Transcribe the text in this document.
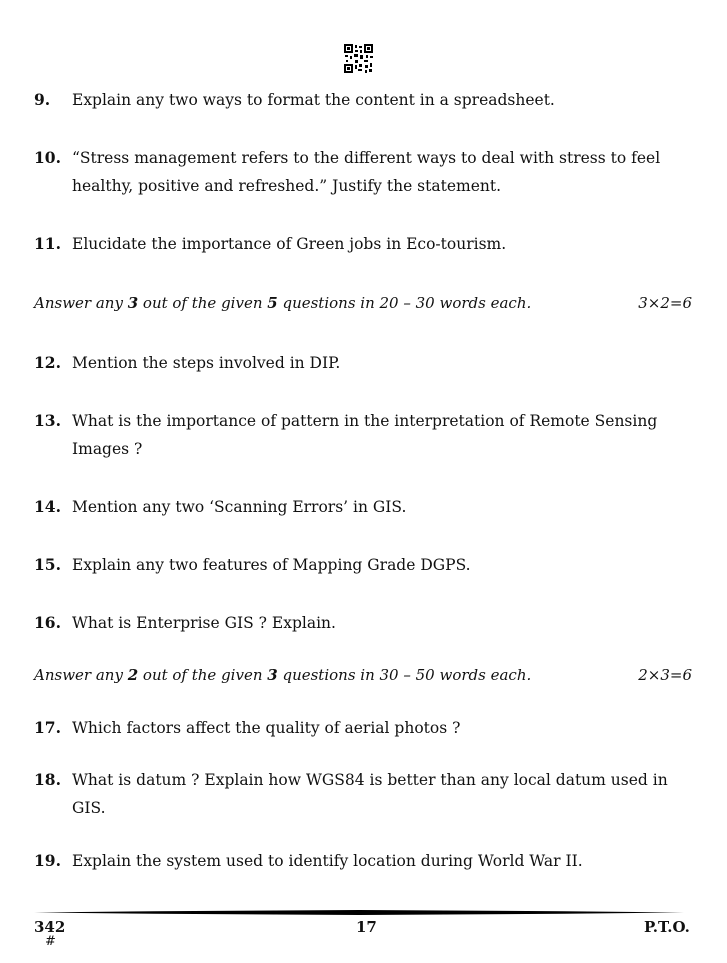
9. Explain any two ways to format the content in a spreadsheet.
10. “Stress management refers to the different ways to deal with stress to feel healthy, positive and refreshed.” Justify the statement.
11. Elucidate the importance of Green jobs in Eco-tourism.
Answer any 3 out of the given 5 questions in 20 – 30 words each.	3×2=6
12. Mention the steps involved in DIP.
13. What is the importance of pattern in the interpretation of Remote Sensing Images ?
14. Mention any two ‘Scanning Errors’ in GIS.
15. Explain any two features of Mapping Grade DGPS.
16. What is Enterprise GIS ? Explain.
Answer any 2 out of the given 3 questions in 30 – 50 words each.	2×3=6
17. Which factors affect the quality of aerial photos ?
18. What is datum ? Explain how WGS84 is better than any local datum used in GIS.
19. Explain the system used to identify location during World War II.
342
#
17	P.T.O.
